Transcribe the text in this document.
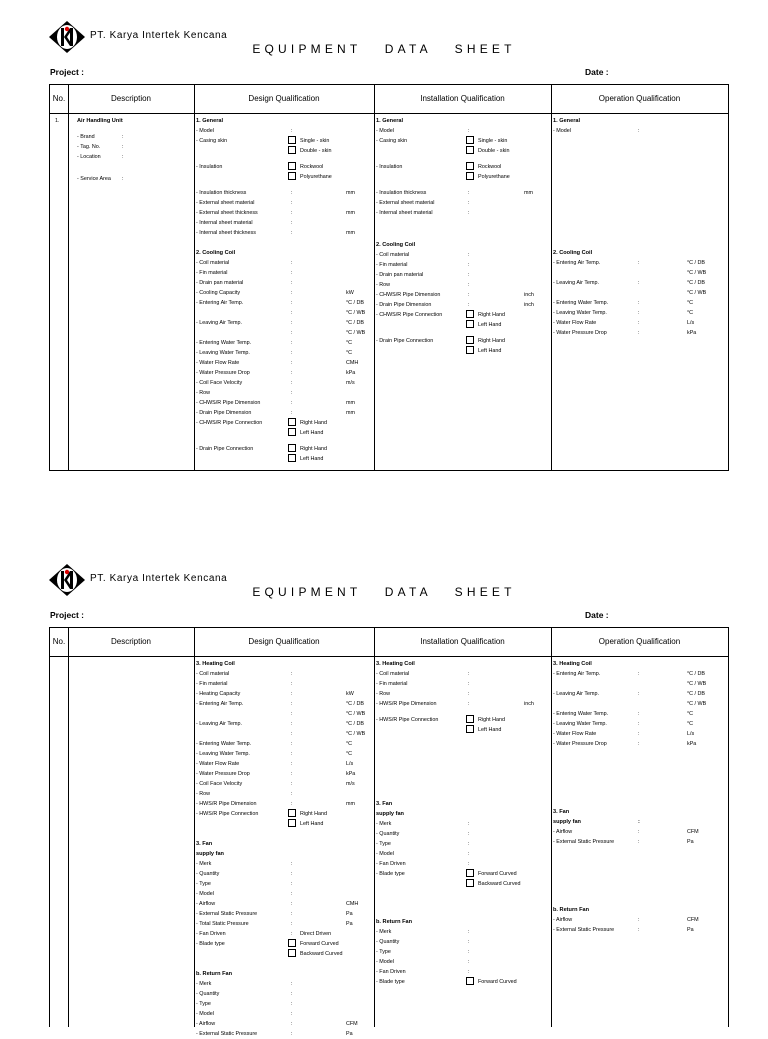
PT. Karya Intertek Kencana
EQUIPMENT DATA SHEET
Project :	Date :
No.	Description	Design Qualification	Installation Qualification	Operation Qualification
1.	Air Handling Unit
- Brand	:
- Tag. No.	:
- Location	:
- Service Area :
1. General
- Model	:
- Casing skin	Single - skin
Double - skin
- Insulation	Rockwool
Polyurethane
- Insulation thickness	:	mm
- External sheet material	:
- External sheet thickness	:	mm
- Internal sheet material	:
- Internal sheet thickness	:	mm
2. Cooling Coil
- Coil material	:
- Fin material	:
- Drain pan material	:
- Cooling Capacity	:	kW
- Entering Air Temp.	:	°C / DB
:	°C / WB
- Leaving Air Temp.	:	°C / DB
:	°C / WB
- Entering Water Temp.	:	°C
- Leaving Water Temp.	:	°C
- Water Flow Rate	:	CMH
- Water Pressure Drop	:	kPa
- Coil Face Velocity	:	m/s
- Row	:
- CHWS/R Pipe Dimension	:	mm
- Drain Pipe Dimension	:	mm
- CHWS/R Pipe Connection	Right Hand
Left Hand
- Drain Pipe Connection	Right Hand
Left Hand
1. General
- Model	:
- Casing skin	Single - skin
Double - skin
- Insulation	Rockwool
Polyurethane
- Insulation thickness	:	mm
- External sheet material	:
- Internal sheet material	:
2. Cooling Coil
- Coil material	:
- Fin material	:
- Drain pan material	:
- Row	:
- CHWS/R Pipe Dimension	:	inch
- Drain Pipe Dimension	:	inch
- CHWS/R Pipe Connection	Right Hand
Left Hand
- Drain Pipe Connection	Right Hand
Left Hand
1. General
- Model	:
2. Cooling Coil
- Entering Air Temp.	:	°C / DB
°C / WB
- Leaving Air Temp.	:	°C / DB
°C / WB
- Entering Water Temp.	:	°C
- Leaving Water Temp.	:	°C
- Water Flow Rate	:	L/s
- Water Pressure Drop	:	kPa
PT. Karya Intertek Kencana
EQUIPMENT DATA SHEET
Project :	Date :
No.	Description	Design Qualification	Installation Qualification	Operation Qualification
3. Heating Coil
- Coil material	:
- Fin material	:
- Heating Capacity	:	kW
- Entering Air Temp.	:	°C / DB
:	°C / WB
- Leaving Air Temp.	:	°C / DB
:	°C / WB
- Entering Water Temp.	:	°C
- Leaving Water Temp.	:	°C
- Water Flow Rate	:	L/s
- Water Pressure Drop	:	kPa
- Coil Face Velocity	:	m/s
- Row	:
- HWS/R Pipe Dimension	:	mm
- HWS/R Pipe Connection	Right Hand
Left Hand
3. Fan
supply fan
- Merk	:
- Quantity	:
- Type	:
- Model	:
- Airflow	:	CMH
- External Static Pressure	:	Pa
- Total Static Pressure	:	Pa
- Fan Driven	: Direct Driven
- Blade type	Forward Curved
Backward Curved
b. Return Fan
- Merk	:
- Quantity	:
- Type	:
- Model	:
- Airflow	:	CFM
- External Static Pressure	:	Pa
3. Heating Coil
- Coil material	:
- Fin material	:
- Row	:
- HWS/R Pipe Dimension	:	inch
- HWS/R Pipe Connection	Right Hand
Left Hand
3. Fan
supply fan
- Merk	:
- Quantity	:
- Type	:
- Model	:
- Fan Driven	:
- Blade type	Forward Curved
Backward Curved
b. Return Fan
- Merk	:
- Quantity	:
- Type	:
- Model	:
- Fan Driven	:
- Blade type	Forward Curved
3. Heating Coil
- Entering Air Temp.	:	°C / DB
°C / WB
- Leaving Air Temp.	:	°C / DB
°C / WB
- Entering Water Temp.	:	°C
- Leaving Water Temp.	:	°C
- Water Flow Rate	:	L/s
- Water Pressure Drop	:	kPa
3. Fan
supply fan	:
- Airflow	:	CFM
- External Static Pressure	:	Pa
b. Return Fan
- Airflow	:	CFM
- External Static Pressure	:	Pa
